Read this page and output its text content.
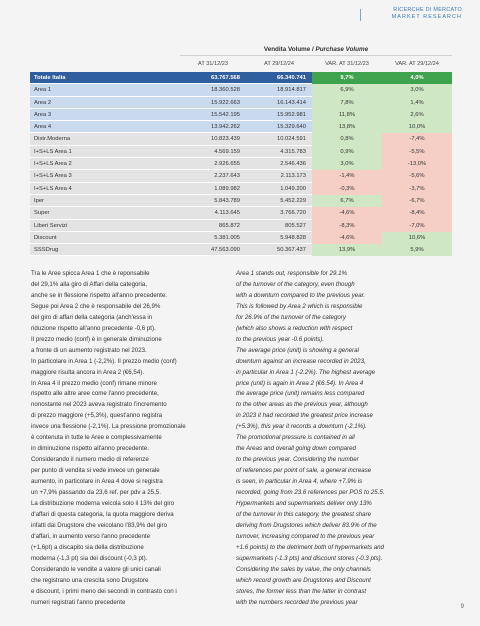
RICERCHE DI MERCATO
MARKET RESEARCH
Vendita Volume / Purchase Volume
AT 31/12/23	AT 29/12/24	VAR. AT 31/12/23	VAR. AT 29/12/24
Totale Italia	63.767.568	66.340.741	9,7%	4,0%
Area 1	18.360.528	18.914.817	6,9%	3,0%
Area 2	15.922.663	16.143.414	7,8%	1,4%
Area 3	15.542.195	15.952.981	11,8%	2,6%
Area 4	13.942.262	15.329.640	13,8%	10,0%
Distr.Moderna	10.823.439	10.024.591	0,8%	-7,4%
I+S+LS Area 1	4.569.159	4.315.783	0,9%	-5,5%
I+S+LS Area 2	2.926.655	2.546.436	3,0%	-13,0%
I+S+LS Area 3	2.237.643	2.113.173	-1,4%	-5,6%
I+S+LS Area 4	1.089.982	1.049.200	-0,3%	-3,7%
Iper	5.843.789	5.452.229	6,7%	-6,7%
Super	4.113.645	3.766.720	-4,6%	-8,4%
Liberi Servizi	865.872	805.527	-8,3%	-7,0%
Discount	5.381.005	5.948.828	-4,6%	10,6%
SSSDrug	47.563.090	50.367.437	13,9%	5,9%

Tra le Aree spicca Area 1 che è reponsabile

del 29,1% alla giro di Affari della categoria,

anche se in flessione rispetto all'anno precedente.

Segue poi Area 2 che è responsabile del 26,9%

del giro di affari della categoria (anch'essa in

riduzione rispetto all'anno precedente -0,6 pt).

Il prezzo medio (conf) è in generale diminuzione

a fronte di un aumento registrato nel 2023.

In particolare in Area 1 (-2,2%). Il prezzo medio (conf)

maggiore risulta ancora in Area 2 (€6,54).

In Area 4 il prezzo medio (conf) rimane minore

rispetto alle altre aree come l'anno precedente,

nonostante nel 2023 aveva registrato l'incremento

di prezzo maggiore (+5,3%), quest'anno registra

invece una flessione (-2,1%). La pressione promozionale

è contenuta in tutte le Aree e complessivamente

in diminuzione rispetto all'anno precedente.

Considerando il numero medio di referenze

per punto di vendita si vede invece un generale

aumento, in particolare in Area 4 dove si registra

un +7,9% passando da 23,6 ref. per pdv a 25,5.

La distribuzione moderna veicola solo il 13% del giro

d'affari di questa categoria, la quota maggiore deriva

infatti dai Drugstore che veicolano l'83,9% del giro

d'affari, in aumento verso l'anno precedente

(+1,6pt) a discapito sia della distribuzione

moderna (-1,3 pt) sia dei discount (-0,3 pt).

Considerando le vendite a valore gli unici canali

che registrano una crescita sono Drugstore

e discount, i primi meno dei secondi in contrasto con i

numeri registrati l'anno precedente

Area 1 stands out, responsible for 29.1%

of the turnover of the category, even though

with a downturn compared to the previous year.

This is followed by Area 2 which is responsible

for 26.9% of the turnover of the category

(which also shows a reduction with respect

to the previous year -0.6 points).

The average price (unit) is showing a general

downturn against an increase recorded in 2023,

in particular in Area 1 (-2.2%). The highest average

price (unit) is again in Area 2 (€6.54). In Area 4

the average price (unit) remains less compared

to the other areas as the previous year, although

in 2023 it had recorded the greatest price increase

(+5.3%), this year it records a downturn (-2.1%).

The promotional pressure is contained in all

the Areas and overall going down compared

to the previous year. Considering the number

of references per point of sale, a general increase

is seen, in particular in Area 4, where +7.9% is

recorded, going from 23.6 references per POS to 25.5.

Hypermarkets and supermarkets deliver only 13%

of the turnover in this category, the greatest share

deriving from Drugstores which deliver 83.9% of the

turnover, increasing compared to the previous year

+1.6 points) to the detriment both of hypermarkets and

supermarkets (-1.3 pts) and discount stores (-0.3 pts).

Considering the sales by value, the only channels

which record growth are Drugstores and Discount

stores, the former less than the latter in contrast

with the numbers recorded the previous year

9
